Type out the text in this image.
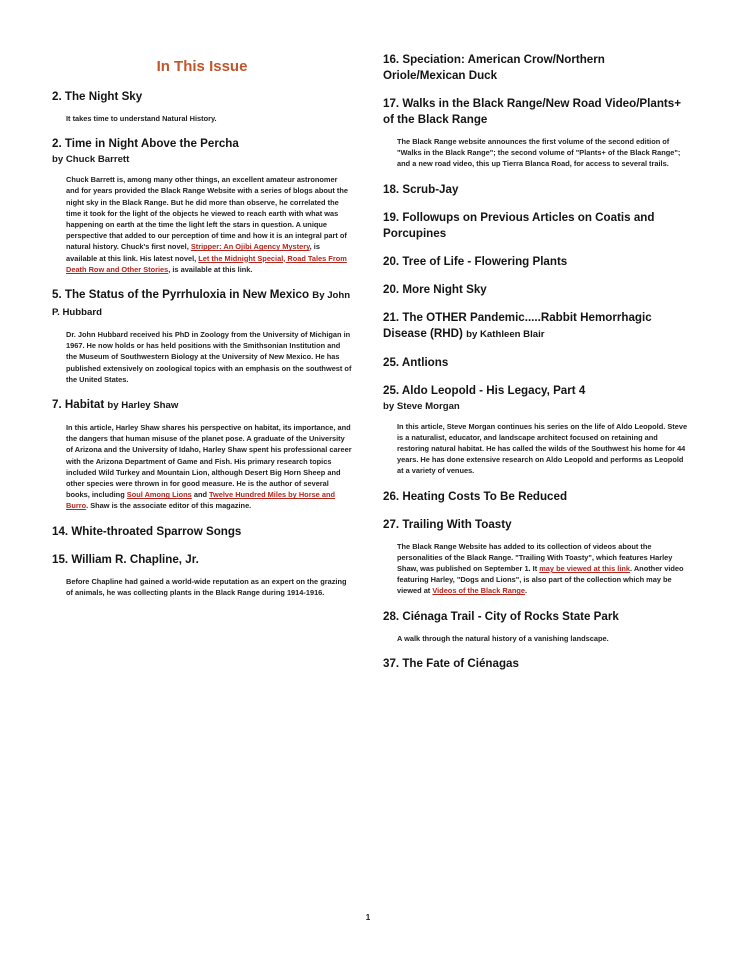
In This Issue
2. The Night Sky
It takes time to understand Natural History.
2. Time in Night Above the Percha
by Chuck Barrett
Chuck Barrett is, among many other things, an excellent amateur astronomer and for years provided the Black Range Website with a series of blogs about the night sky in the Black Range. But he did more than observe, he correlated the time it took for the light of the objects he viewed to reach earth with what was happening on earth at the time the light left the stars in question. A unique perspective that added to our perception of time and how it is an integral part of natural history. Chuck's first novel, Stripper: An Ojibi Agency Mystery, is available at this link. His latest novel, Let the Midnight Special, Road Tales From Death Row and Other Stories, is available at this link.
5. The Status of the Pyrrhuloxia in New Mexico By John P. Hubbard
Dr. John Hubbard received his PhD in Zoology from the University of Michigan in 1967. He now holds or has held positions with the Smithsonian Institution and the Museum of Southwestern Biology at the University of New Mexico. He has published extensively on zoological topics with an emphasis on the southwest of the United States.
7. Habitat by Harley Shaw
In this article, Harley Shaw shares his perspective on habitat, its importance, and the dangers that human misuse of the planet pose. A graduate of the University of Arizona and the University of Idaho, Harley Shaw spent his professional career with the Arizona Department of Game and Fish. His primary research topics included Wild Turkey and Mountain Lion, although Desert Big Horn Sheep and other species were thrown in for good measure. He is the author of several books, including Soul Among Lions and Twelve Hundred Miles by Horse and Burro. Shaw is the associate editor of this magazine.
14. White-throated Sparrow Songs
15. William R. Chapline, Jr.
Before Chapline had gained a world-wide reputation as an expert on the grazing of animals, he was collecting plants in the Black Range during 1914-1916.
16. Speciation: American Crow/Northern Oriole/Mexican Duck
17. Walks in the Black Range/New Road Video/Plants+ of the Black Range
The Black Range website announces the first volume of the second edition of "Walks in the Black Range"; the second volume of "Plants+ of the Black Range"; and a new road video, this up Tierra Blanca Road, for access to several trails.
18. Scrub-Jay
19. Followups on Previous Articles on Coatis and Porcupines
20. Tree of Life - Flowering Plants
20. More Night Sky
21. The OTHER Pandemic.....Rabbit Hemorrhagic Disease (RHD) by Kathleen Blair
25. Antlions
25. Aldo Leopold - His Legacy, Part 4
by Steve Morgan
In this article, Steve Morgan continues his series on the life of Aldo Leopold. Steve is a naturalist, educator, and landscape architect focused on retaining and restoring natural habitat. He has called the wilds of the Southwest his home for 44 years. He has done extensive research on Aldo Leopold and performs as Leopold at a variety of venues.
26. Heating Costs To Be Reduced
27. Trailing With Toasty
The Black Range Website has added to its collection of videos about the personalities of the Black Range. "Trailing With Toasty", which features Harley Shaw, was published on September 1. It may be viewed at this link. Another video featuring Harley, "Dogs and Lions", is also part of the collection which may be viewed at Videos of the Black Range.
28. Ciénaga Trail - City of Rocks State Park
A walk through the natural history of a vanishing landscape.
37. The Fate of Ciénagas
1
